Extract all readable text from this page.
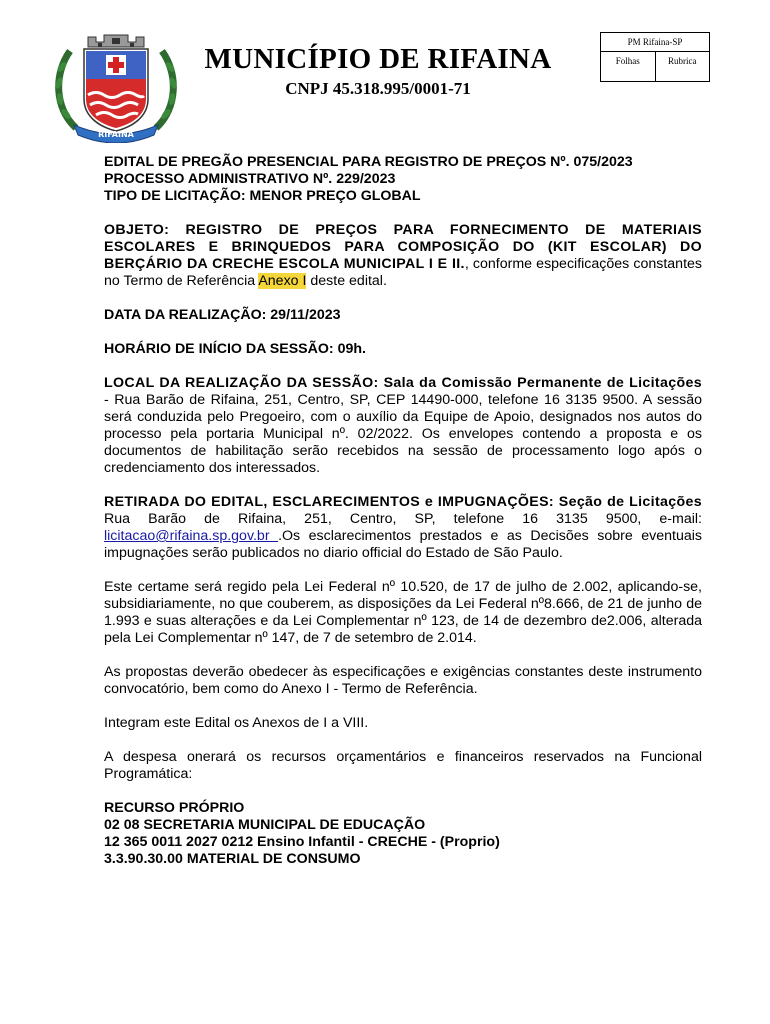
RIFAINA
MUNICÍPIO DE RIFAINA
CNPJ 45.318.995/0001-71
PM Rifaina-SP
Folhas	Rubrica

EDITAL DE PREGÃO PRESENCIAL PARA REGISTRO DE PREÇOS Nº. 075/2023

PROCESSO ADMINISTRATIVO Nº. 229/2023

TIPO DE LICITAÇÃO: MENOR PREÇO GLOBAL

OBJETO: REGISTRO DE PREÇOS PARA FORNECIMENTO DE MATERIAIS ESCOLARES E BRINQUEDOS PARA COMPOSIÇÃO DO (KIT ESCOLAR) DO BERÇÁRIO DA CRECHE ESCOLA MUNICIPAL I E II., conforme especificações constantes no Termo de Referência Anexo I deste edital.

DATA DA REALIZAÇÃO: 29/11/2023

HORÁRIO DE INÍCIO DA SESSÃO: 09h.

LOCAL DA REALIZAÇÃO DA SESSÃO: Sala da Comissão Permanente de Licitações - Rua Barão de Rifaina, 251, Centro, SP, CEP 14490-000, telefone 16 3135 9500. A sessão será conduzida pelo Pregoeiro, com o auxílio da Equipe de Apoio, designados nos autos do processo pela portaria Municipal nº. 02/2022. Os envelopes contendo a proposta e os documentos de habilitação serão recebidos na sessão de processamento logo após o credenciamento dos interessados.

RETIRADA DO EDITAL, ESCLARECIMENTOS e IMPUGNAÇÕES: Seção de Licitações Rua Barão de Rifaina, 251, Centro, SP, telefone 16 3135 9500, e-mail: licitacao@rifaina.sp.gov.br .Os esclarecimentos prestados e as Decisões sobre eventuais impugnações serão publicados no diario official do Estado de São Paulo.

Este certame será regido pela Lei Federal nº 10.520, de 17 de julho de 2.002, aplicando-se, subsidiariamente, no que couberem, as disposições da Lei Federal nº8.666, de 21 de junho de 1.993 e suas alterações e da Lei Complementar nº 123, de 14 de dezembro de2.006, alterada pela Lei Complementar nº 147, de 7 de setembro de 2.014.

As propostas deverão obedecer às especificações e exigências constantes deste instrumento convocatório, bem como do Anexo I - Termo de Referência.

Integram este Edital os Anexos de I a VIII.

A despesa onerará os recursos orçamentários e financeiros reservados na Funcional Programática:

RECURSO PRÓPRIO

02 08 SECRETARIA MUNICIPAL DE EDUCAÇÃO

12 365 0011 2027 0212 Ensino Infantil - CRECHE - (Proprio)

3.3.90.30.00 MATERIAL DE CONSUMO
